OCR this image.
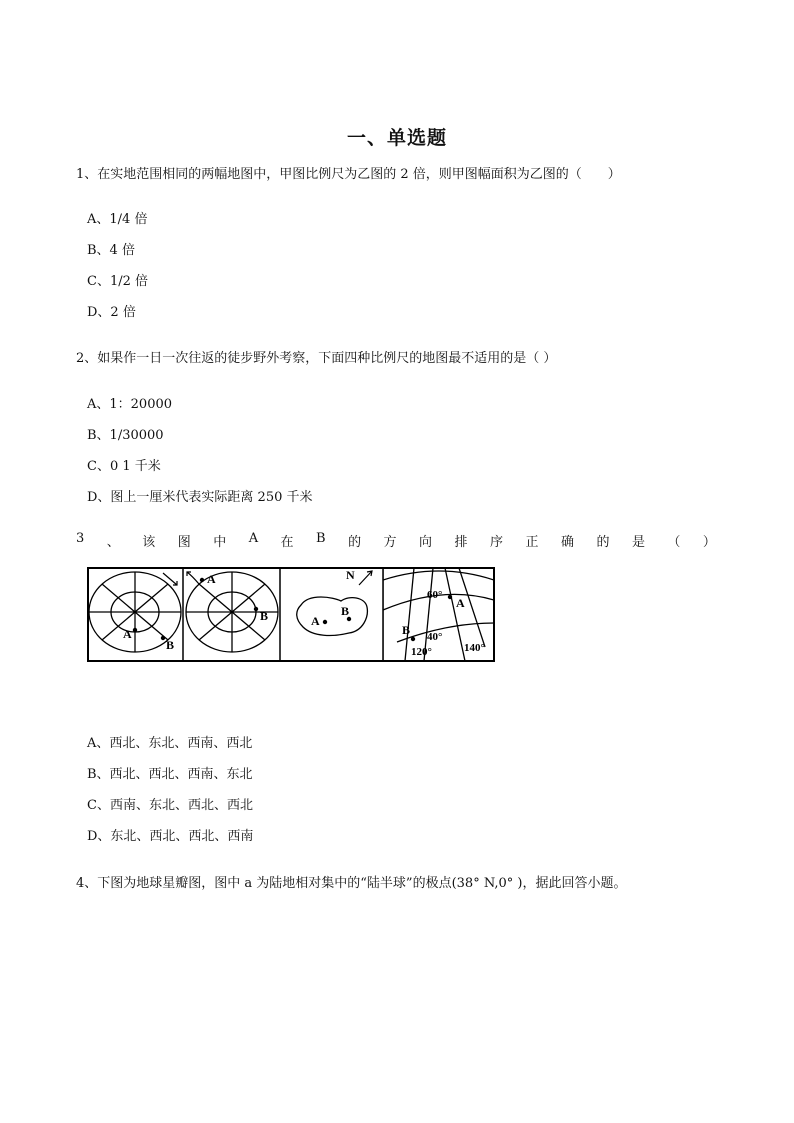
一、单选题
1、在实地范围相同的两幅地图中，甲图比例尺为乙图的 2 倍，则甲图幅面积为乙图的（　　）
A、1/4 倍
B、4 倍
C、1/2 倍
D、2 倍
2、如果作一日一次往返的徒步野外考察，下面四种比例尺的地图最不适用的是（ ）
A、1：20000
B、1/30000
C、0 1 千米
D、图上一厘米代表实际距离 250 千米
3 、 该 图 中 A 在 B 的 方 向 排 序 正 确 的 是 （ ）
A
B
A
B
N
A
B
A
B
60°
40°
120°	140°
A、西北、东北、西南、西北
B、西北、西北、西南、东北
C、西南、东北、西北、西北
D、东北、西北、西北、西南
4、下图为地球星瓣图，图中 a 为陆地相对集中的“陆半球”的极点(38° N,0° )，据此回答小题。
